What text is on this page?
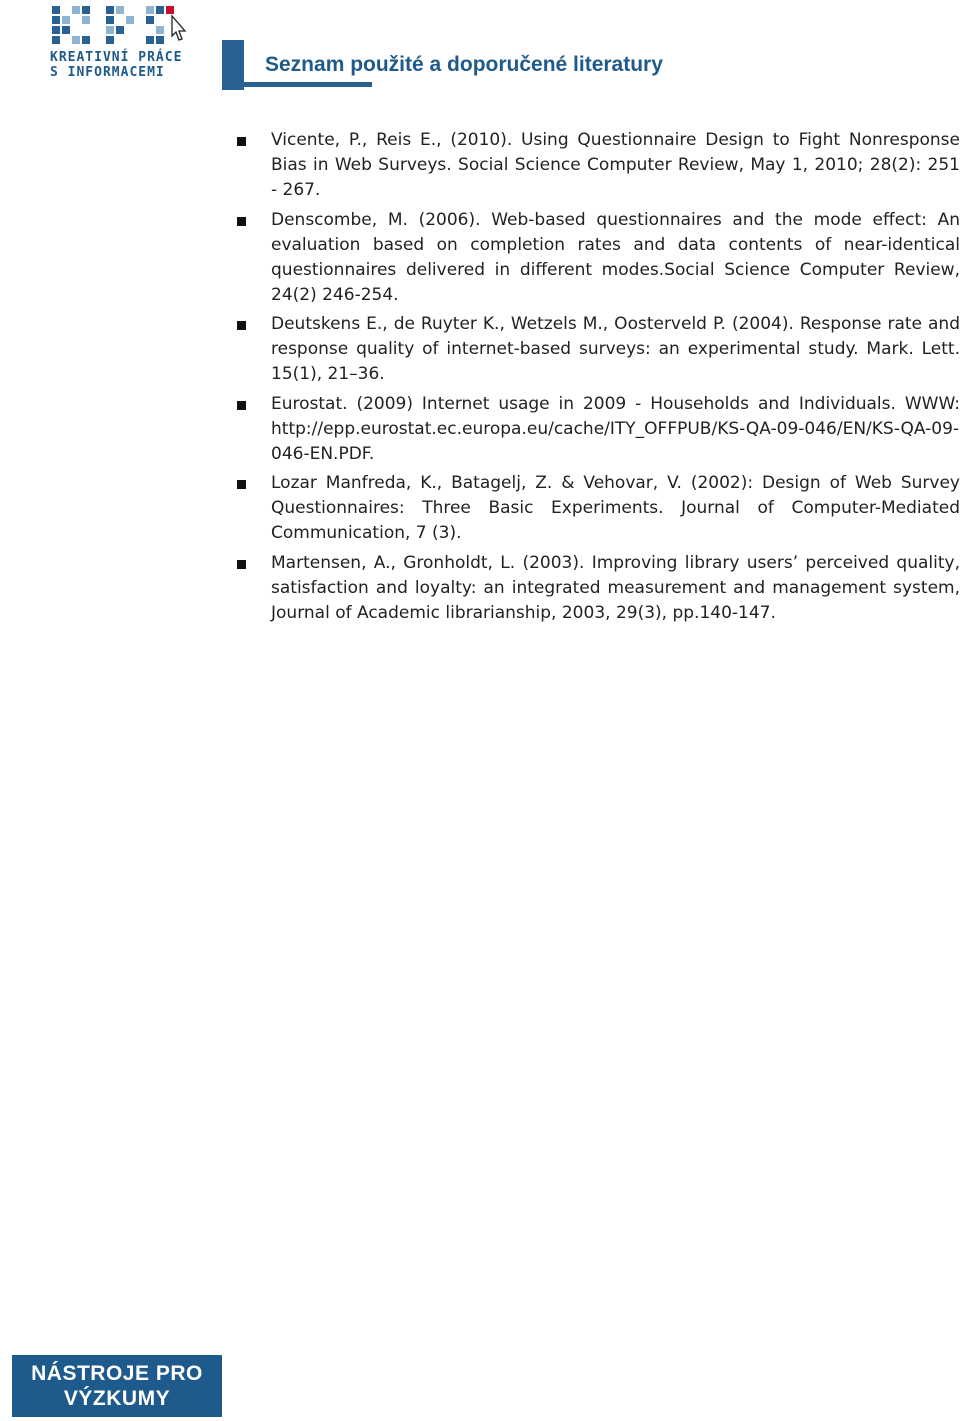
KREATIVNÍ PRÁCE
S INFORMACEMI	Seznam použité a doporučené literatury
Vicente, P., Reis E., (2010). Using Questionnaire Design to Fight Nonresponse Bias in Web Surveys. Social Science Computer Review, May 1, 2010; 28(2): 251 - 267.
Denscombe, M. (2006). Web-based questionnaires and the mode effect: An evaluation based on completion rates and data contents of near-identical questionnaires delivered in different modes.Social Science Computer Review, 24(2) 246-254.
Deutskens E., de Ruyter K., Wetzels M., Oosterveld P. (2004). Response rate and response quality of internet-based surveys: an experimental study. Mark. Lett. 15(1), 21–36.
Eurostat. (2009) Internet usage in 2009 - Households and Individuals. WWW: http://epp.eurostat.ec.europa.eu/cache/ITY_OFFPUB/KS-QA-09-046/EN/KS-QA-09-046-EN.PDF.
Lozar Manfreda, K., Batagelj, Z. & Vehovar, V. (2002): Design of Web Survey Questionnaires: Three Basic Experiments. Journal of Computer-Mediated Communication, 7 (3).
Martensen, A., Gronholdt, L. (2003). Improving library users’ perceived quality, satisfaction and loyalty: an integrated measurement and management system, Journal of Academic librarianship, 2003, 29(3), pp.140-147.
NÁSTROJE PRO
VÝZKUMY
